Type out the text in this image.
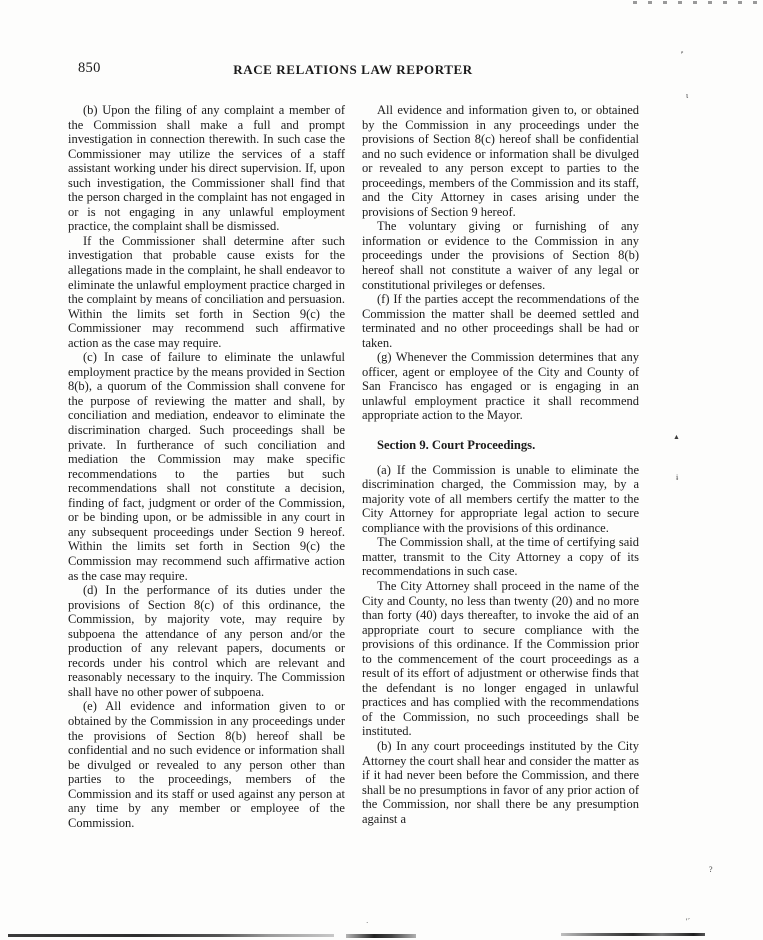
850	RACE RELATIONS LAW REPORTER

(b) Upon the filing of any complaint a member of the Commission shall make a full and prompt investigation in connection therewith. In such case the Commissioner may utilize the services of a staff assistant working under his direct supervision. If, upon such investigation, the Commissioner shall find that the person charged in the complaint has not engaged in or is not engaging in any unlawful employment practice, the complaint shall be dismissed.

If the Commissioner shall determine after such investigation that probable cause exists for the allegations made in the complaint, he shall endeavor to eliminate the unlawful employment practice charged in the complaint by means of conciliation and persuasion. Within the limits set forth in Section 9(c) the Commissioner may recommend such affirmative action as the case may require.

(c) In case of failure to eliminate the unlawful employment practice by the means provided in Section 8(b), a quorum of the Commission shall convene for the purpose of reviewing the matter and shall, by conciliation and mediation, endeavor to eliminate the discrimination charged. Such proceedings shall be private. In furtherance of such conciliation and mediation the Commission may make specific recommendations to the parties but such recommendations shall not constitute a decision, finding of fact, judgment or order of the Commission, or be binding upon, or be admissible in any court in any subsequent proceedings under Section 9 hereof. Within the limits set forth in Section 9(c) the Commission may recommend such affirmative action as the case may require.

(d) In the performance of its duties under the provisions of Section 8(c) of this ordinance, the Commission, by majority vote, may require by subpoena the attendance of any person and/or the production of any relevant papers, documents or records under his control which are relevant and reasonably necessary to the inquiry. The Commission shall have no other power of subpoena.

(e) All evidence and information given to or obtained by the Commission in any proceedings under the provisions of Section 8(b) hereof shall be confidential and no such evidence or information shall be divulged or revealed to any person other than parties to the proceedings, members of the Commission and its staff or used against any person at any time by any member or employee of the Commission.

All evidence and information given to, or obtained by the Commission in any proceedings under the provisions of Section 8(c) hereof shall be confidential and no such evidence or information shall be divulged or revealed to any person except to parties to the proceedings, members of the Commission and its staff, and the City Attorney in cases arising under the provisions of Section 9 hereof.

The voluntary giving or furnishing of any information or evidence to the Commission in any proceedings under the provisions of Section 8(b) hereof shall not constitute a waiver of any legal or constitutional privileges or defenses.

(f) If the parties accept the recommendations of the Commission the matter shall be deemed settled and terminated and no other proceedings shall be had or taken.

(g) Whenever the Commission determines that any officer, agent or employee of the City and County of San Francisco has engaged or is engaging in an unlawful employment practice it shall recommend appropriate action to the Mayor.

Section 9. Court Proceedings.

(a) If the Commission is unable to eliminate the discrimination charged, the Commission may, by a majority vote of all members certify the matter to the City Attorney for appropriate legal action to secure compliance with the provisions of this ordinance.

The Commission shall, at the time of certifying said matter, transmit to the City Attorney a copy of its recommendations in such case.

The City Attorney shall proceed in the name of the City and County, no less than twenty (20) and no more than forty (40) days thereafter, to invoke the aid of an appropriate court to secure compliance with the provisions of this ordinance. If the Commission prior to the commencement of the court proceedings as a result of its effort of adjustment or otherwise finds that the defendant is no longer engaged in unlawful practices and has complied with the recommendations of the Commission, no such proceedings shall be instituted.

(b) In any court proceedings instituted by the City Attorney the court shall hear and consider the matter as if it had never been before the Commission, and there shall be no presumptions in favor of any prior action of the Commission, nor shall there be any presumption against a

'̇
ɩ
▲
ɨ
?
'´
·
